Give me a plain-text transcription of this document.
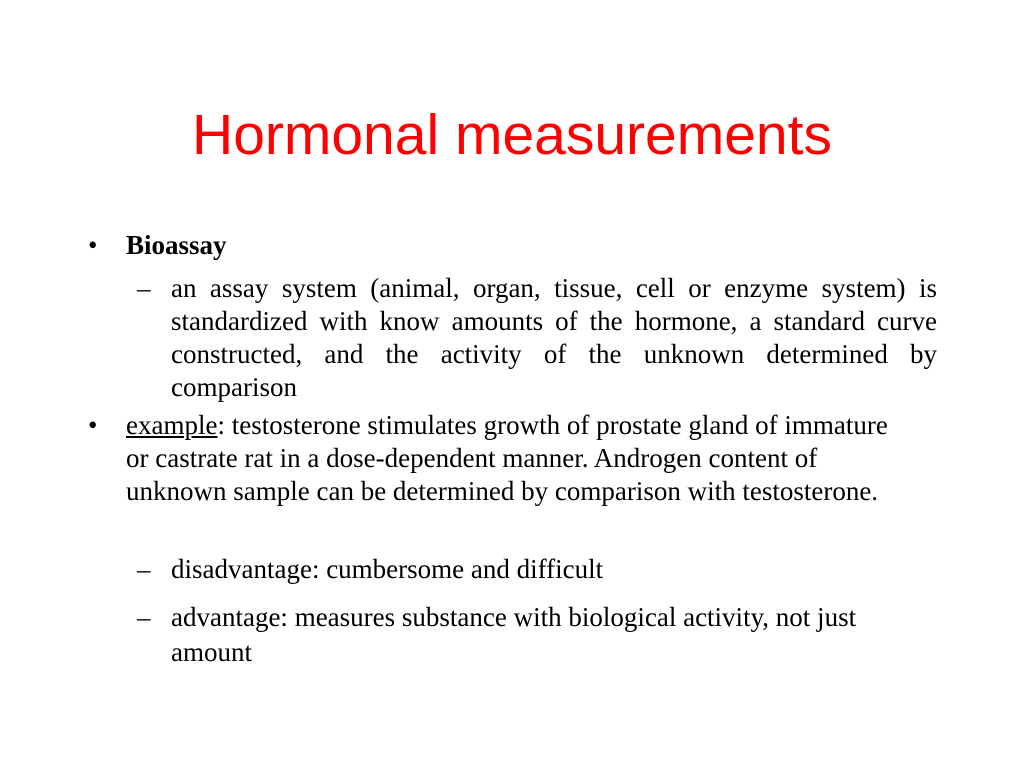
Hormonal measurements

• Bioassay

– an assay system (animal, organ, tissue, cell or enzyme system) is standardized with know amounts of the hormone, a standard curve constructed, and the activity of the unknown determined by comparison

• example: testosterone stimulates growth of prostate gland of immature or castrate rat in a dose-dependent manner. Androgen content of unknown sample can be determined by comparison with testosterone.

– disadvantage: cumbersome and difficult

– advantage: measures substance with biological activity, not just amount
